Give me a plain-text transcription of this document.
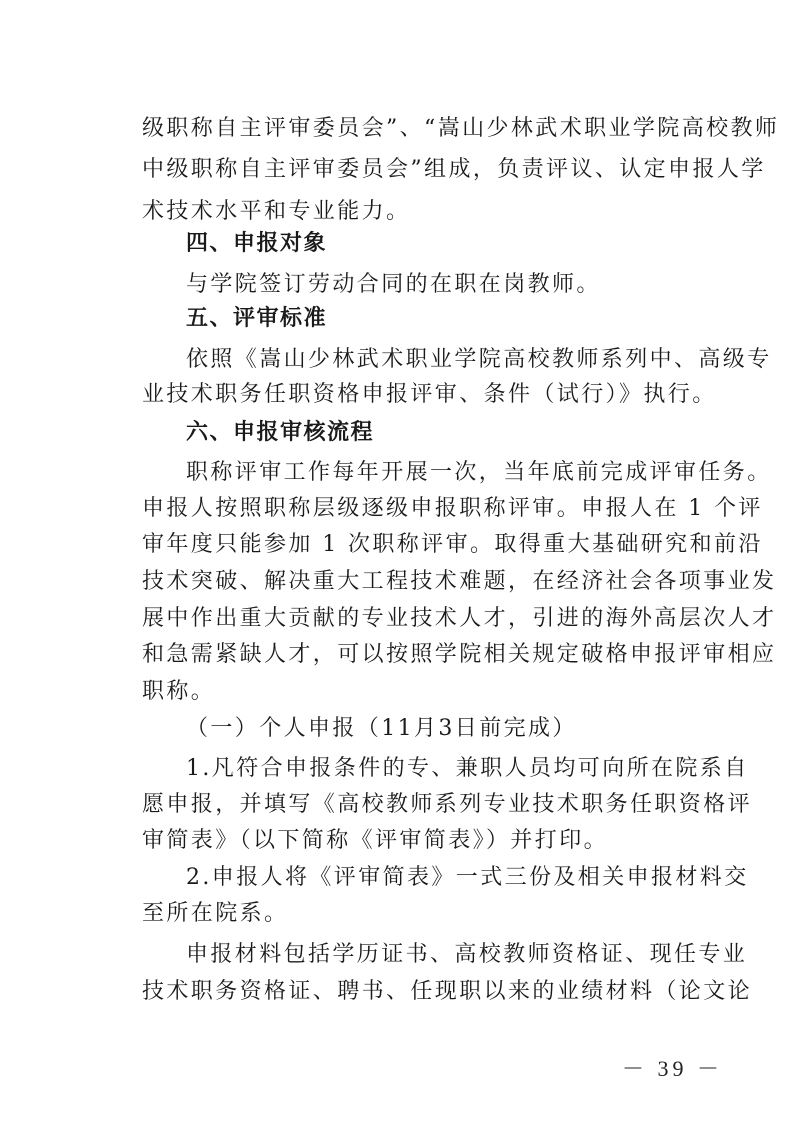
级职称自主评审委员会”、“嵩山少林武术职业学院高校教师
中级职称自主评审委员会”组成，负责评议、认定申报人学
术技术水平和专业能力。
四、申报对象
与学院签订劳动合同的在职在岗教师。
五、评审标准
依照《嵩山少林武术职业学院高校教师系列中、高级专
业技术职务任职资格申报评审、条件（试行）》执行。
六、申报审核流程
职称评审工作每年开展一次，当年底前完成评审任务。
申报人按照职称层级逐级申报职称评审。申报人在 1 个评
审年度只能参加 1 次职称评审。取得重大基础研究和前沿
技术突破、解决重大工程技术难题，在经济社会各项事业发
展中作出重大贡献的专业技术人才，引进的海外高层次人才
和急需紧缺人才，可以按照学院相关规定破格申报评审相应
职称。
（一）个人申报（11月3日前完成）
1.凡符合申报条件的专、兼职人员均可向所在院系自
愿申报，并填写《高校教师系列专业技术职务任职资格评
审简表》（以下简称《评审简表》）并打印。
2.申报人将《评审简表》一式三份及相关申报材料交
至所在院系。
申报材料包括学历证书、高校教师资格证、现任专业
技术职务资格证、聘书、任现职以来的业绩材料（论文论
－ 39 －
